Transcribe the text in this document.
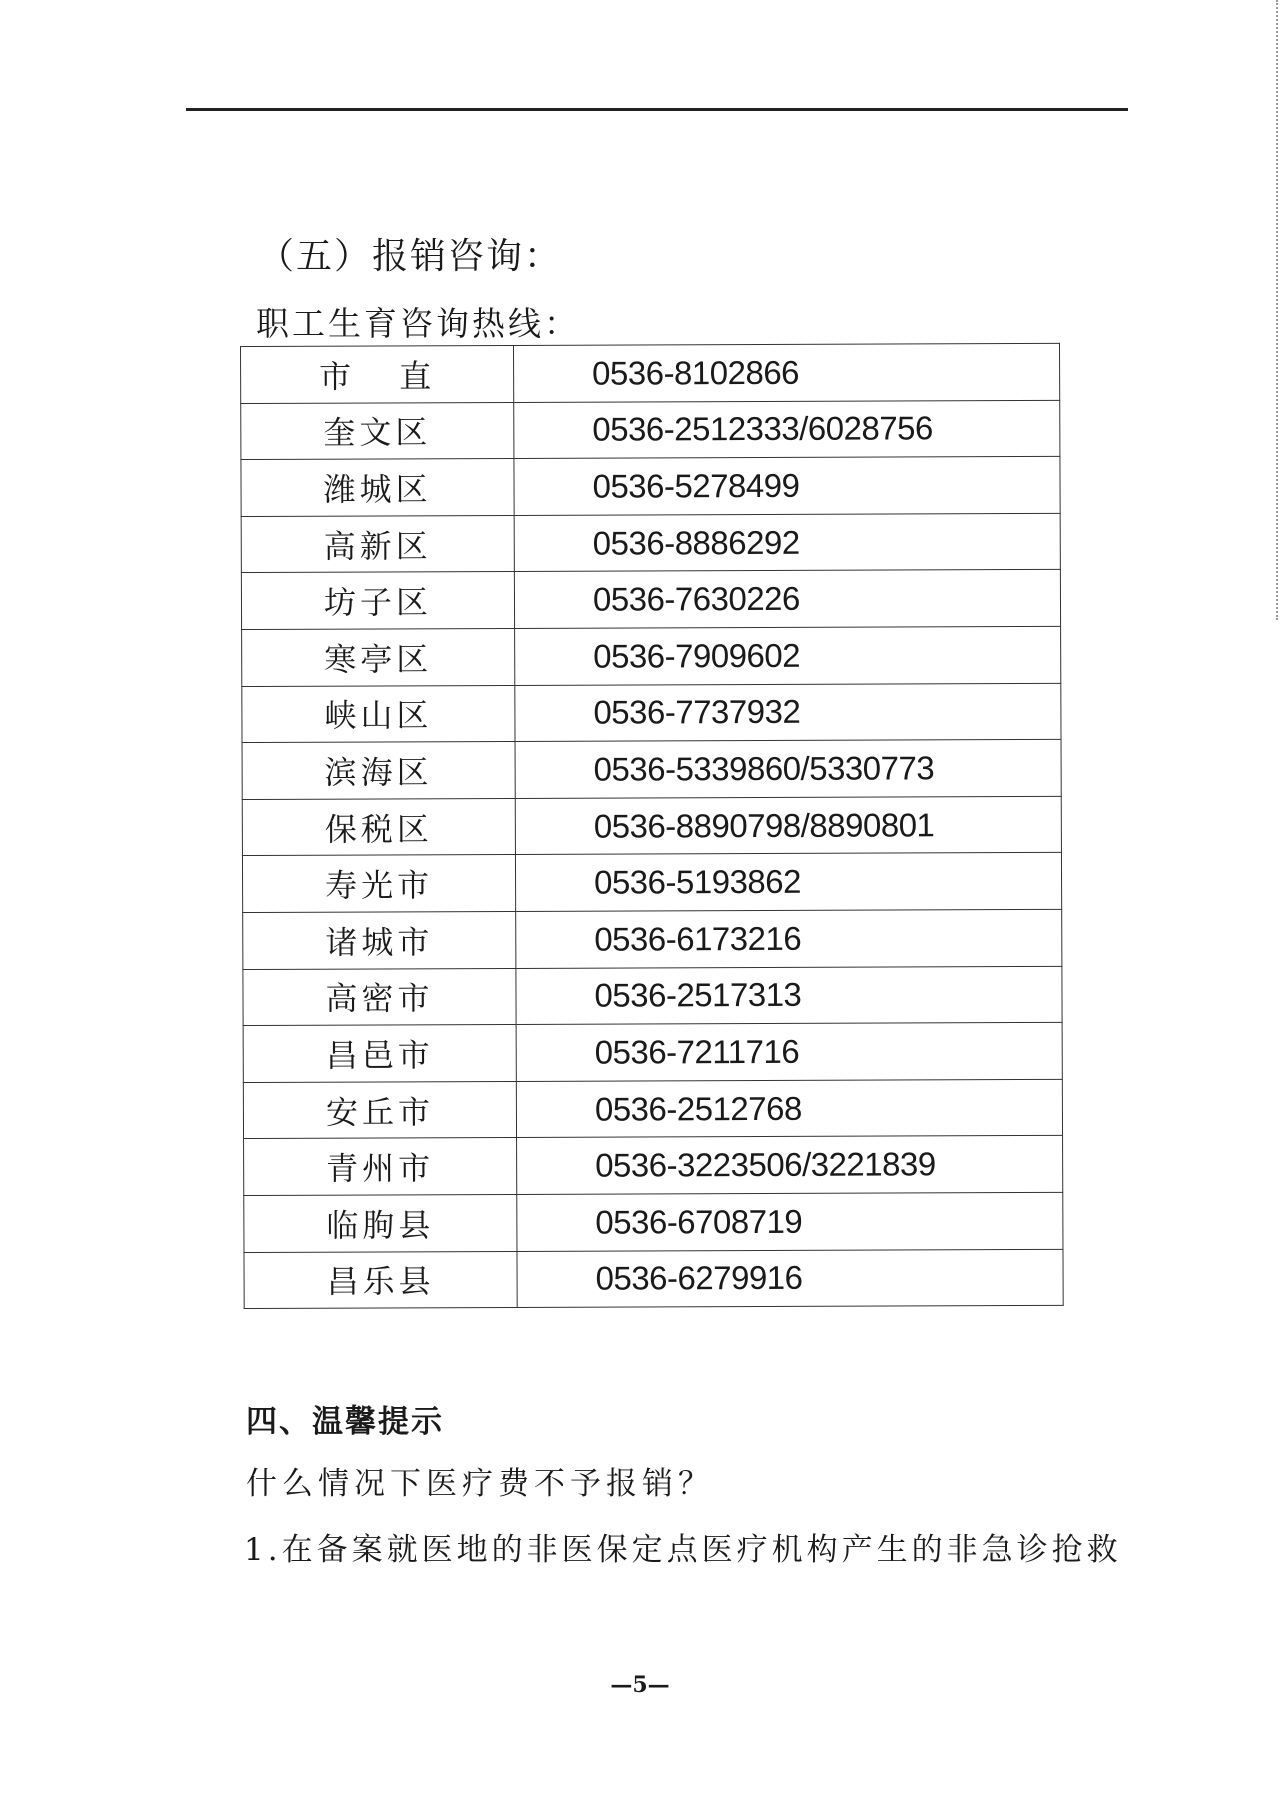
（五）报销咨询：
职工生育咨询热线：
市 直	0536-8102866
奎文区	0536-2512333/6028756
潍城区	0536-5278499
高新区	0536-8886292
坊子区	0536-7630226
寒亭区	0536-7909602
峡山区	0536-7737932
滨海区	0536-5339860/5330773
保税区	0536-8890798/8890801
寿光市	0536-5193862
诸城市	0536-6173216
高密市	0536-2517313
昌邑市	0536-7211716
安丘市	0536-2512768
青州市	0536-3223506/3221839
临朐县	0536-6708719
昌乐县	0536-6279916
四、温馨提示
什么情况下医疗费不予报销？
1.在备案就医地的非医保定点医疗机构产生的非急诊抢救
—5—
